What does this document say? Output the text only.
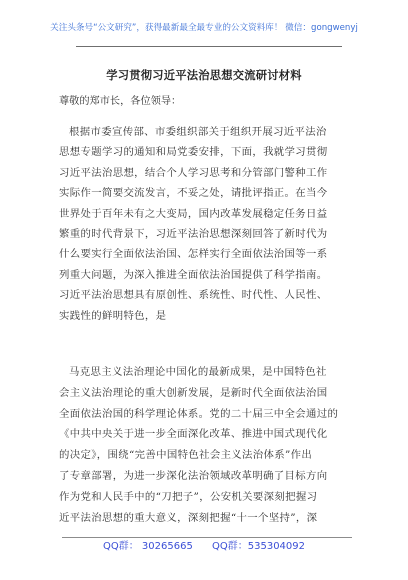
关注头条号“公文研究”，获得最新最全最专业的公文资料库！ 微信：gongwenyj
学习贯彻习近平法治思想交流研讨材料
尊敬的郑市长，各位领导：
根据市委宣传部、市委组织部关于组织开展习近平法治
思想专题学习的通知和局党委安排，下面，我就学习贯彻
习近平法治思想，结合个人学习思考和分管部门警种工作
实际作一简要交流发言，不妥之处，请批评指正。在当今
世界处于百年未有之大变局，国内改革发展稳定任务日益
繁重的时代背景下，习近平法治思想深刻回答了新时代为
什么要实行全面依法治国、怎样实行全面依法治国等一系
列重大问题，为深入推进全面依法治国提供了科学指南。
习近平法治思想具有原创性、系统性、时代性、人民性、
实践性的鲜明特色，是
马克思主义法治理论中国化的最新成果，是中国特色社
会主义法治理论的重大创新发展，是新时代全面依法治国
全面依法治国的科学理论体系。党的二十届三中全会通过的
《中共中央关于进一步全面深化改革、推进中国式现代化
的决定》，围绕“完善中国特色社会主义法治体系”作出
了专章部署，为进一步深化法治领域改革明确了目标方向
作为党和人民手中的“刀把子”，公安机关要深刻把握习
近平法治思想的重大意义，深刻把握“十一个坚持”，深
QQ群： 30265665 QQ群：535304092
